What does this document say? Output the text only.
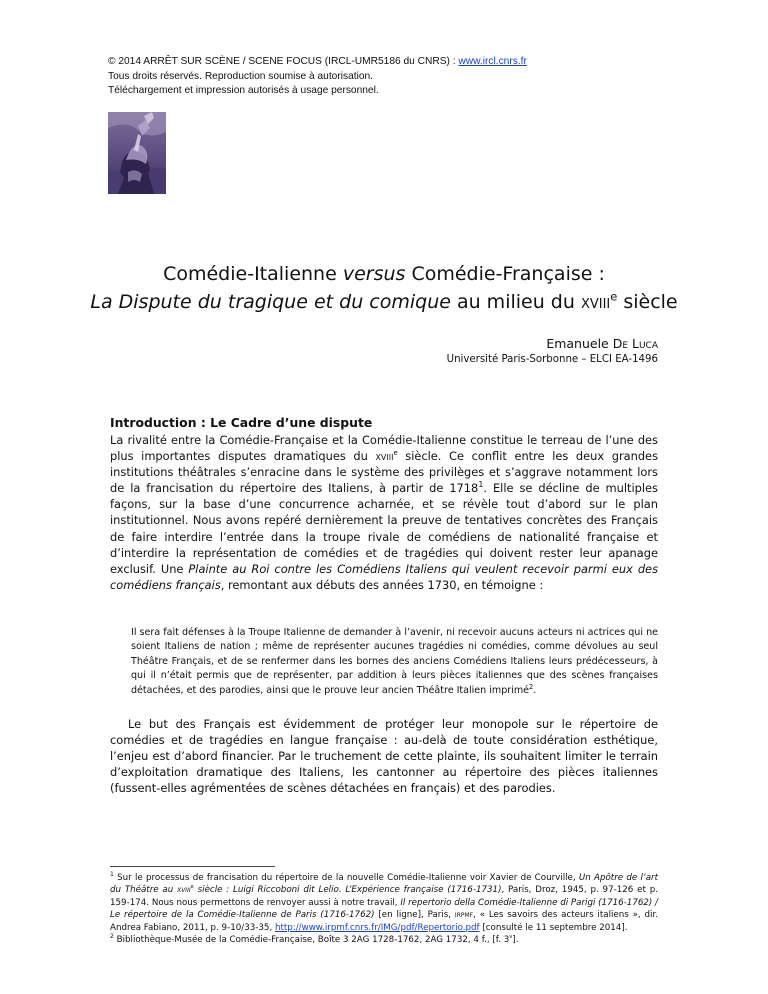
© 2014 ARRÊT SUR SCÈNE / SCENE FOCUS (IRCL-UMR5186 du CNRS) : www.ircl.cnrs.fr
Tous droits réservés. Reproduction soumise à autorisation.
Téléchargement et impression autorisés à usage personnel.
Comédie-Italienne versus Comédie-Française :
La Dispute du tragique et du comique au milieu du xviii$^e$ siècle
Emanuele De Luca
Université Paris-Sorbonne – ELCI EA-1496
Introduction : Le Cadre d’une dispute

La rivalité entre la Comédie-Française et la Comédie-Italienne constitue le terreau de l’une des plus importantes disputes dramatiques du xviii$^e$ siècle. Ce conflit entre les deux grandes institutions théâtrales s’enracine dans le système des privilèges et s’aggrave notamment lors de la francisation du répertoire des Italiens, à partir de 1718$^1$. Elle se décline de multiples façons, sur la base d’une concurrence acharnée, et se révèle tout d’abord sur le plan institutionnel. Nous avons repéré dernièrement la preuve de tentatives concrètes des Français de faire interdire l’entrée dans la troupe rivale de comédiens de nationalité française et d’interdire la représentation de comédies et de tragédies qui doivent rester leur apanage exclusif. Une Plainte au Roi contre les Comédiens Italiens qui veulent recevoir parmi eux des comédiens français, remontant aux débuts des années 1730, en témoigne :

Il sera fait défenses à la Troupe Italienne de demander à l’avenir, ni recevoir aucuns acteurs ni actrices qui ne soient Italiens de nation ; même de représenter aucunes tragédies ni comédies, comme dévolues au seul Théâtre Français, et de se renfermer dans les bornes des anciens Comédiens Italiens leurs prédécesseurs, à qui il n’était permis que de représenter, par addition à leurs pièces italiennes que des scènes françaises détachées, et des parodies, ainsi que le prouve leur ancien Théâtre Italien imprimé$^2$.

Le but des Français est évidemment de protéger leur monopole sur le répertoire de comédies et de tragédies en langue française : au-delà de toute considération esthétique, l’enjeu est d’abord financier. Par le truchement de cette plainte, ils souhaitent limiter le terrain d’exploitation dramatique des Italiens, les cantonner au répertoire des pièces italiennes (fussent-elles agrémentées de scènes détachées en français) et des parodies.

$^1$ Sur le processus de francisation du répertoire de la nouvelle Comédie-Italienne voir Xavier de Courville, Un Apôtre de l’art du Théâtre au xviii$^e$ siècle : Luigi Riccoboni dit Lelio. L’Expérience française (1716-1731), Paris, Droz, 1945, p. 97-126 et p. 159-174. Nous nous permettons de renvoyer aussi à notre travail, Il repertorio della Comédie-Italienne di Parigi (1716-1762) / Le répertoire de la Comédie-Italienne de Paris (1716-1762) [en ligne], Paris, irpmf, « Les savoirs des acteurs italiens », dir. Andrea Fabiano, 2011, p. 9-10/33-35, http://www.irpmf.cnrs.fr/IMG/pdf/Repertorio.pdf [consulté le 11 septembre 2014].

$^2$ Bibliothèque-Musée de la Comédie-Française, Boîte 3 2AG 1728-1762, 2AG 1732, 4 f., [f. 3$^v$].
